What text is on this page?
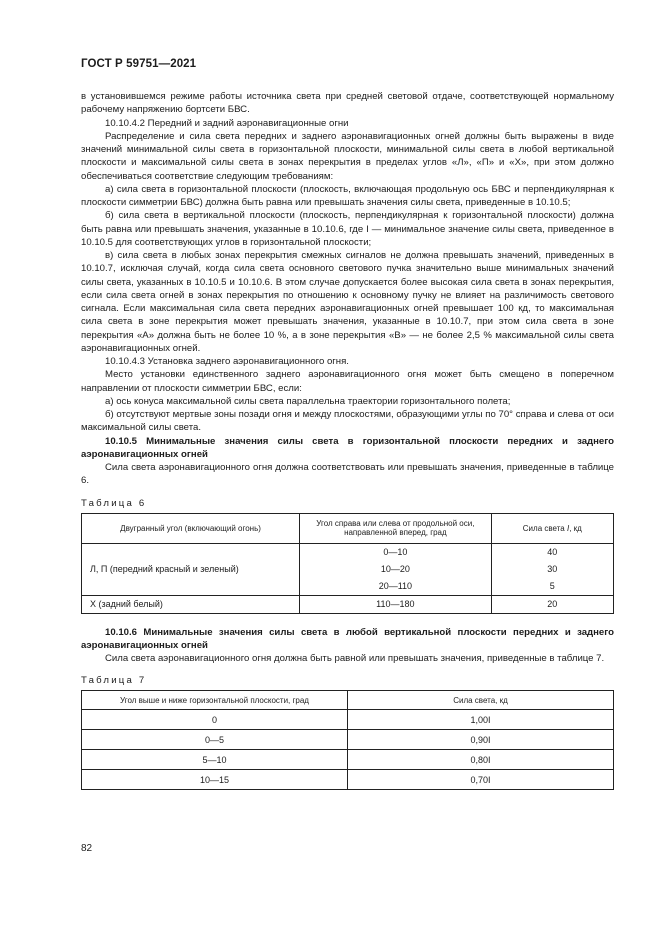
ГОСТ Р 59751—2021
в установившемся режиме работы источника света при средней световой отдаче, соответствующей нормальному рабочему напряжению бортсети БВС.
10.10.4.2 Передний и задний аэронавигационные огни
Распределение и сила света передних и заднего аэронавигационных огней должны быть выражены в виде значений минимальной силы света в горизонтальной плоскости, минимальной силы света в любой вертикальной плоскости и максимальной силы света в зонах перекрытия в пределах углов «Л», «П» и «Х», при этом должно обеспечиваться соответствие следующим требованиям:
а) сила света в горизонтальной плоскости (плоскость, включающая продольную ось БВС и перпендикулярная к плоскости симметрии БВС) должна быть равна или превышать значения силы света, приведенные в 10.10.5;
б) сила света в вертикальной плоскости (плоскость, перпендикулярная к горизонтальной плоскости) должна быть равна или превышать значения, указанные в 10.10.6, где I — минимальное значение силы света, приведенное в 10.10.5 для соответствующих углов в горизонтальной плоскости;
в) сила света в любых зонах перекрытия смежных сигналов не должна превышать значений, приведенных в 10.10.7, исключая случай, когда сила света основного светового пучка значительно выше минимальных значений силы света, указанных в 10.10.5 и 10.10.6. В этом случае допускается более высокая сила света в зонах перекрытия, если сила света огней в зонах перекрытия по отношению к основному пучку не влияет на различимость светового сигнала. Если максимальная сила света передних аэронавигационных огней превышает 100 кд, то максимальная сила света в зоне перекрытия может превышать значения, указанные в 10.10.7, при этом сила света в зоне перекрытия «А» должна быть не более 10 %, а в зоне перекрытия «В» — не более 2,5 % максимальной силы света аэронавигационных огней.
10.10.4.3 Установка заднего аэронавигационного огня.
Место установки единственного заднего аэронавигационного огня может быть смещено в поперечном направлении от плоскости симметрии БВС, если:
а) ось конуса максимальной силы света параллельна траектории горизонтального полета;
б) отсутствуют мертвые зоны позади огня и между плоскостями, образующими углы по 70° справа и слева от оси максимальной силы света.
10.10.5 Минимальные значения силы света в горизонтальной плоскости передних и заднего аэронавигационных огней
Сила света аэронавигационного огня должна соответствовать или превышать значения, приведенные в таблице 6.
Таблица 6
Двугранный угол (включающий огонь)	Угол справа или слева от продольной оси, направленной вперед, град	Сила света I, кд
Л, П (передний красный и зеленый)	0—10	40
	10—20	30
	20—110	5
Х (задний белый)	110—180	20
10.10.6 Минимальные значения силы света в любой вертикальной плоскости передних и заднего аэронавигационных огней
Сила света аэронавигационного огня должна быть равной или превышать значения, приведенные в таблице 7.
Таблица 7
Угол выше и ниже горизонтальной плоскости, град	Сила света, кд
0	1,00I
0—5	0,90I
5—10	0,80I
10—15	0,70I
82
